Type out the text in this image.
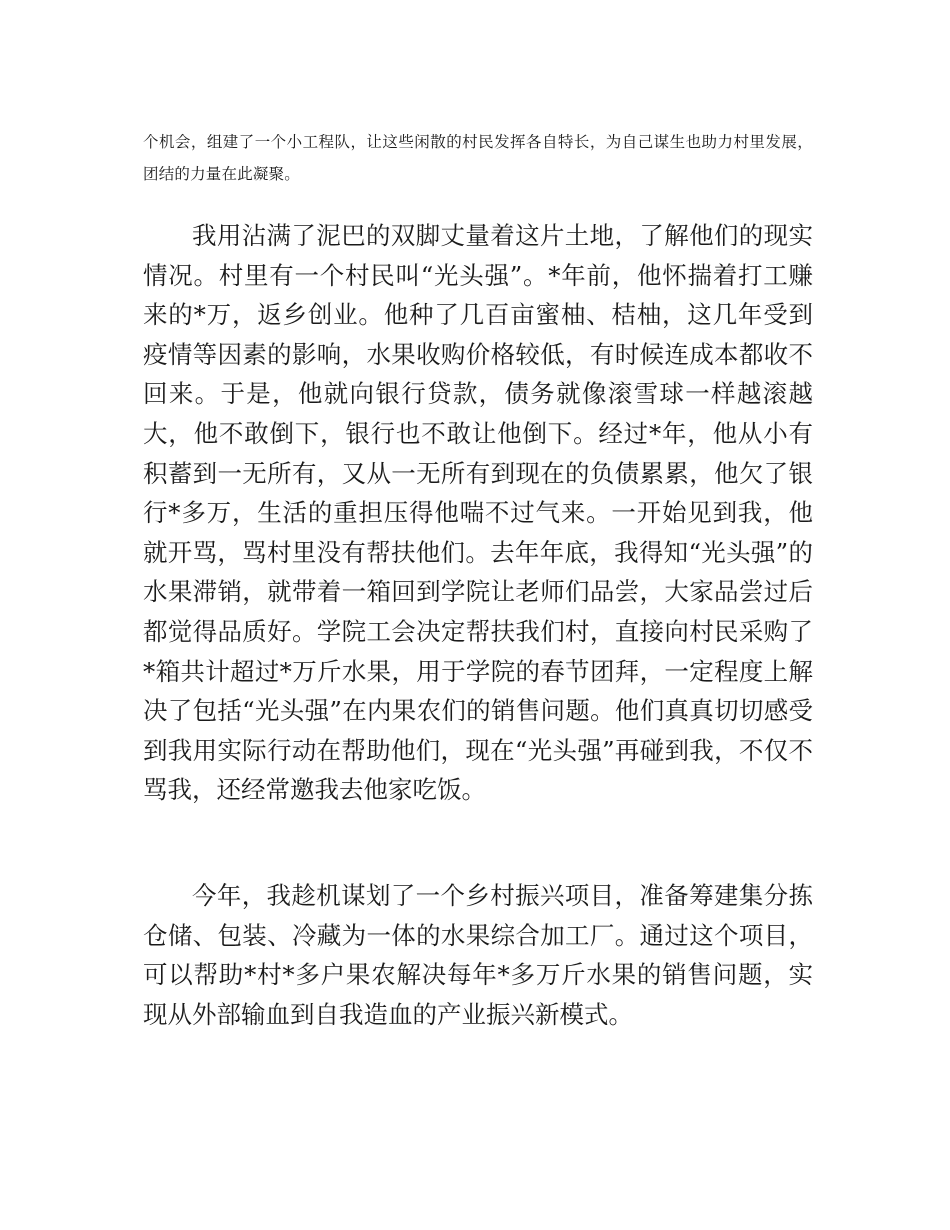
个机会，组建了一个小工程队，让这些闲散的村民发挥各自特长，为自己谋生也助力村里发展，团结的力量在此凝聚。

我用沾满了泥巴的双脚丈量着这片土地，了解他们的现实情况。村里有一个村民叫“光头强”。*年前，他怀揣着打工赚来的*万，返乡创业。他种了几百亩蜜柚、桔柚，这几年受到疫情等因素的影响，水果收购价格较低，有时候连成本都收不回来。于是，他就向银行贷款，债务就像滚雪球一样越滚越大，他不敢倒下，银行也不敢让他倒下。经过*年，他从小有积蓄到一无所有，又从一无所有到现在的负债累累，他欠了银行*多万，生活的重担压得他喘不过气来。一开始见到我，他就开骂，骂村里没有帮扶他们。去年年底，我得知“光头强”的水果滞销，就带着一箱回到学院让老师们品尝，大家品尝过后都觉得品质好。学院工会决定帮扶我们村，直接向村民采购了*箱共计超过*万斤水果，用于学院的春节团拜，一定程度上解决了包括“光头强”在内果农们的销售问题。他们真真切切感受到我用实际行动在帮助他们，现在“光头强”再碰到我，不仅不骂我，还经常邀我去他家吃饭。

今年，我趁机谋划了一个乡村振兴项目，准备筹建集分拣仓储、包装、冷藏为一体的水果综合加工厂。通过这个项目，可以帮助*村*多户果农解决每年*多万斤水果的销售问题，实现从外部输血到自我造血的产业振兴新模式。
